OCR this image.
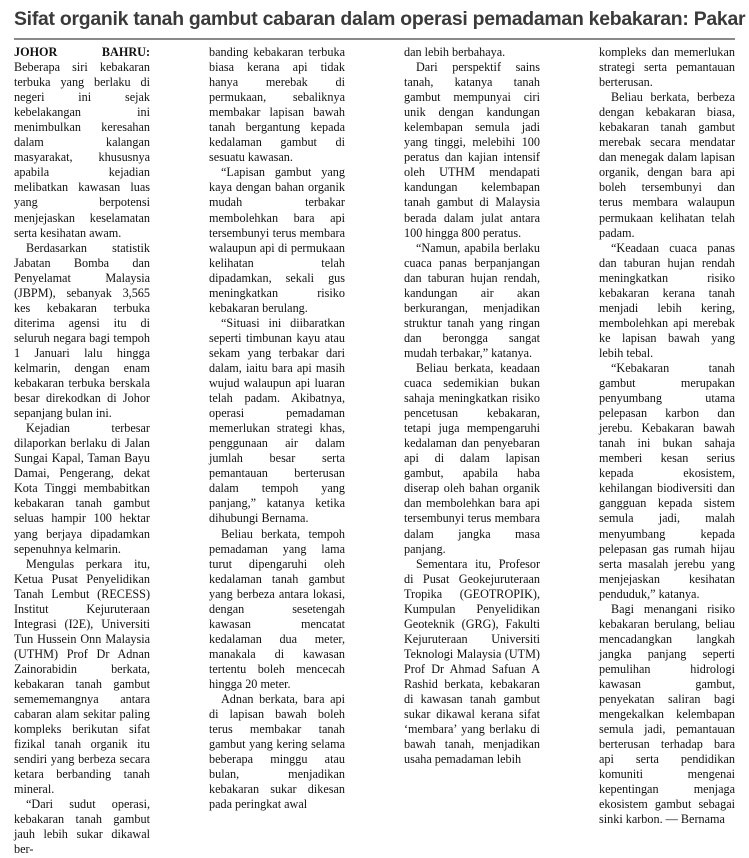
Sifat organik tanah gambut cabaran dalam operasi pemadaman kebakaran: Pakar

JOHOR BAHRU: Beberapa siri kebakaran terbuka yang berlaku di negeri ini sejak kebelakangan ini menimbulkan keresahan dalam kalangan masyarakat, khususnya apabila kejadian melibatkan kawasan luas yang berpotensi menjejaskan keselamatan serta kesihatan awam.

Berdasarkan statistik Jabatan Bomba dan Penyelamat Malaysia (JBPM), sebanyak 3,565 kes kebakaran terbuka diterima agensi itu di seluruh negara bagi tempoh 1 Januari lalu hingga kelmarin, dengan enam kebakaran terbuka berskala besar direkodkan di Johor sepanjang bulan ini.

Kejadian terbesar dilaporkan berlaku di Jalan Sungai Kapal, Taman Bayu Damai, Pengerang, dekat Kota Tinggi membabitkan kebakaran tanah gambut seluas hampir 100 hektar yang berjaya dipadamkan sepenuhnya kelmarin.

Mengulas perkara itu, Ketua Pusat Penyelidikan Tanah Lembut (RECESS) Institut Kejuruteraan Integrasi (I2E), Universiti Tun Hussein Onn Malaysia (UTHM) Prof Dr Adnan Zainorabidin berkata, kebakaran tanah gambut semememangnya antara cabaran alam sekitar paling kompleks berikutan sifat fizikal tanah organik itu sendiri yang berbeza secara ketara berbanding tanah mineral.

“Dari sudut operasi, kebakaran tanah gambut jauh lebih sukar dikawal ber-

banding kebakaran terbuka biasa kerana api tidak hanya merebak di permukaan, sebaliknya membakar lapisan bawah tanah bergantung kepada kedalaman gambut di sesuatu kawasan.

“Lapisan gambut yang kaya dengan bahan organik mudah terbakar membolehkan bara api tersembunyi terus membara walaupun api di permukaan kelihatan telah dipadamkan, sekali gus meningkatkan risiko kebakaran berulang.

“Situasi ini diibaratkan seperti timbunan kayu atau sekam yang terbakar dari dalam, iaitu bara api masih wujud walaupun api luaran telah padam. Akibatnya, operasi pemadaman memerlukan strategi khas, penggunaan air dalam jumlah besar serta pemantauan berterusan dalam tempoh yang panjang,” katanya ketika dihubungi Bernama.

Beliau berkata, tempoh pemadaman yang lama turut dipengaruhi oleh kedalaman tanah gambut yang berbeza antara lokasi, dengan sesetengah kawasan mencatat kedalaman dua meter, manakala di kawasan tertentu boleh mencecah hingga 20 meter.

Adnan berkata, bara api di lapisan bawah boleh terus membakar tanah gambut yang kering selama beberapa minggu atau bulan, menjadikan kebakaran sukar dikesan pada peringkat awal

dan lebih berbahaya.

Dari perspektif sains tanah, katanya tanah gambut mempunyai ciri unik dengan kandungan kelembapan semula jadi yang tinggi, melebihi 100 peratus dan kajian intensif oleh UTHM mendapati kandungan kelembapan tanah gambut di Malaysia berada dalam julat antara 100 hingga 800 peratus.

“Namun, apabila berlaku cuaca panas berpanjangan dan taburan hujan rendah, kandungan air akan berkurangan, menjadikan struktur tanah yang ringan dan berongga sangat mudah terbakar,” katanya.

Beliau berkata, keadaan cuaca sedemikian bukan sahaja meningkatkan risiko pencetusan kebakaran, tetapi juga mempengaruhi kedalaman dan penyebaran api di dalam lapisan gambut, apabila haba diserap oleh bahan organik dan membolehkan bara api tersembunyi terus membara dalam jangka masa panjang.

Sementara itu, Profesor di Pusat Geokejuruteraan Tropika (GEOTROPIK), Kumpulan Penyelidikan Geoteknik (GRG), Fakulti Kejuruteraan Universiti Teknologi Malaysia (UTM) Prof Dr Ahmad Safuan A Rashid berkata, kebakaran di kawasan tanah gambut sukar dikawal kerana sifat ‘membara’ yang berlaku di bawah tanah, menjadikan usaha pemadaman lebih

kompleks dan memerlukan strategi serta pemantauan berterusan.

Beliau berkata, berbeza dengan kebakaran biasa, kebakaran tanah gambut merebak secara mendatar dan menegak dalam lapisan organik, dengan bara api boleh tersembunyi dan terus membara walaupun permukaan kelihatan telah padam.

“Keadaan cuaca panas dan taburan hujan rendah meningkatkan risiko kebakaran kerana tanah menjadi lebih kering, membolehkan api merebak ke lapisan bawah yang lebih tebal.

“Kebakaran tanah gambut merupakan penyumbang utama pelepasan karbon dan jerebu. Kebakaran bawah tanah ini bukan sahaja memberi kesan serius kepada ekosistem, kehilangan biodiversiti dan gangguan kepada sistem semula jadi, malah menyumbang kepada pelepasan gas rumah hijau serta masalah jerebu yang menjejaskan kesihatan penduduk,” katanya.

Bagi menangani risiko kebakaran berulang, beliau mencadangkan langkah jangka panjang seperti pemulihan hidrologi kawasan gambut, penyekatan saliran bagi mengekalkan kelembapan semula jadi, pemantauan berterusan terhadap bara api serta pendidikan komuniti mengenai kepentingan menjaga ekosistem gambut sebagai sinki karbon. — Bernama
